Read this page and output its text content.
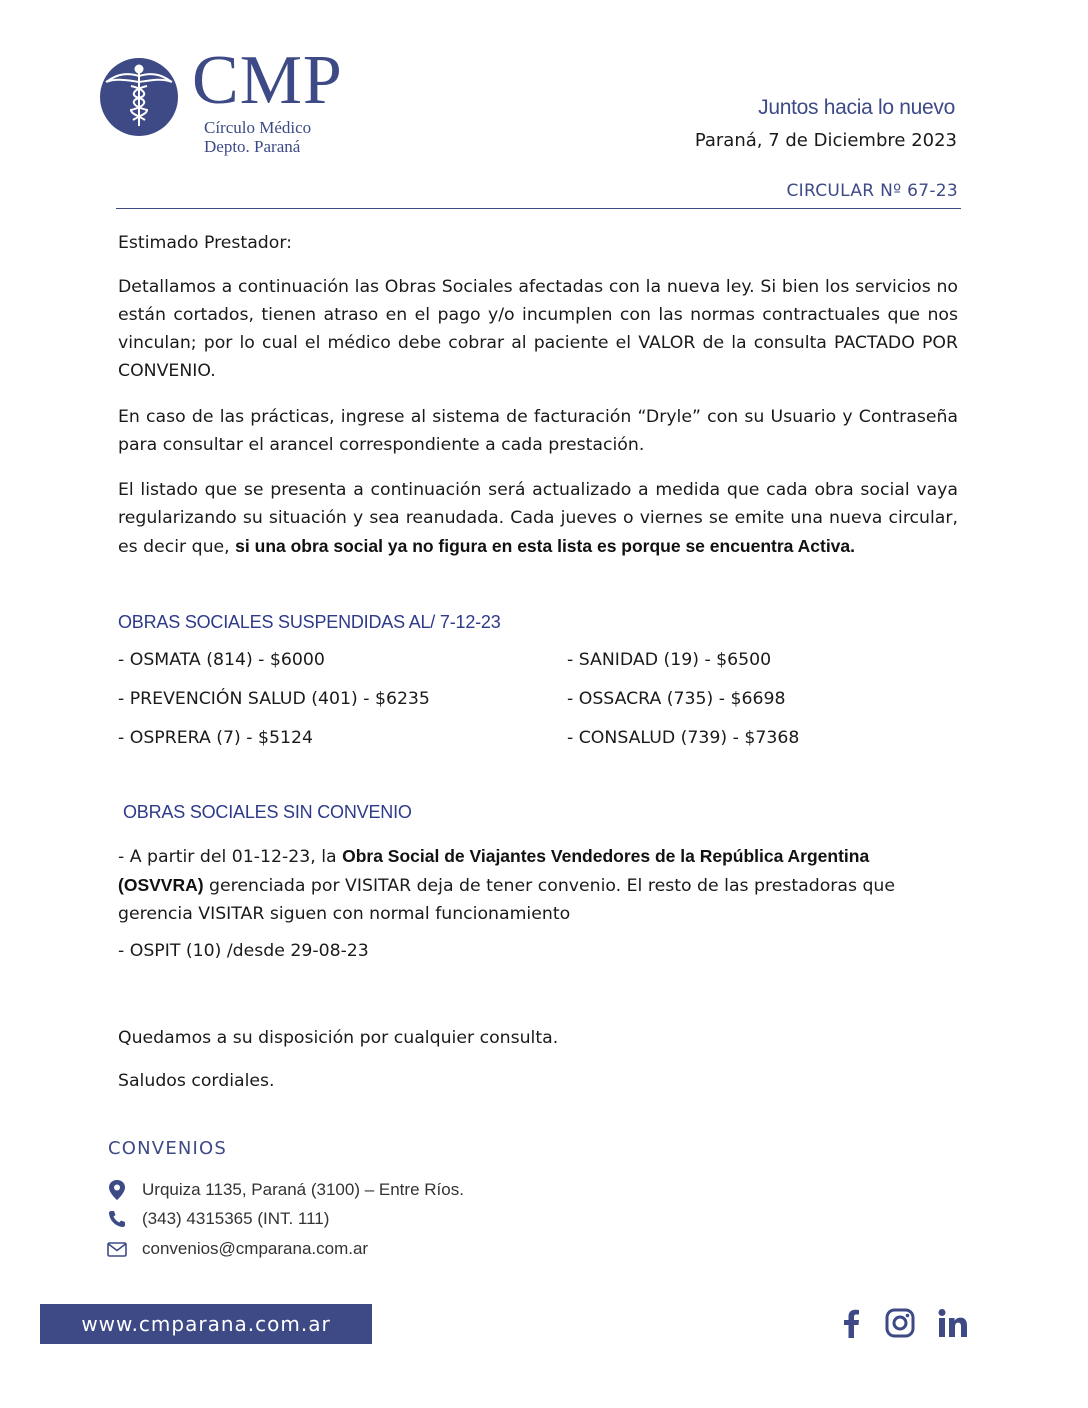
CMP
Círculo Médico
Depto. Paraná
Juntos hacia lo nuevo
Paraná, 7 de Diciembre 2023
CIRCULAR Nº 67-23
Estimado Prestador:
Detallamos a continuación las Obras Sociales afectadas con la nueva ley. Si bien los servicios no están cortados, tienen atraso en el pago y/o incumplen con las normas contractuales que nos vinculan; por lo cual el médico debe cobrar al paciente el VALOR de la consulta PACTADO POR CONVENIO.
En caso de las prácticas, ingrese al sistema de facturación “Dryle” con su Usuario y Contraseña para consultar el arancel correspondiente a cada prestación.
El listado que se presenta a continuación será actualizado a medida que cada obra social vaya regularizando su situación y sea reanudada. Cada jueves o viernes se emite una nueva circular, es decir que, si una obra social ya no figura en esta lista es porque se encuentra Activa.
OBRAS SOCIALES SUSPENDIDAS AL/ 7-12-23
- OSMATA (814) - $6000
- PREVENCIÓN SALUD (401) - $6235
- OSPRERA (7) - $5124
- SANIDAD (19) - $6500
- OSSACRA (735) - $6698
- CONSALUD (739) - $7368
OBRAS SOCIALES SIN CONVENIO
- A partir del 01-12-23, la Obra Social de Viajantes Vendedores de la República Argentina (OSVVRA) gerenciada por VISITAR deja de tener convenio. El resto de las prestadoras que gerencia VISITAR siguen con normal funcionamiento
- OSPIT (10) /desde 29-08-23
Quedamos a su disposición por cualquier consulta.
Saludos cordiales.
CONVENIOS
Urquiza 1135, Paraná (3100) – Entre Ríos.
(343) 4315365 (INT. 111)
convenios@cmparana.com.ar
www.cmparana.com.ar
